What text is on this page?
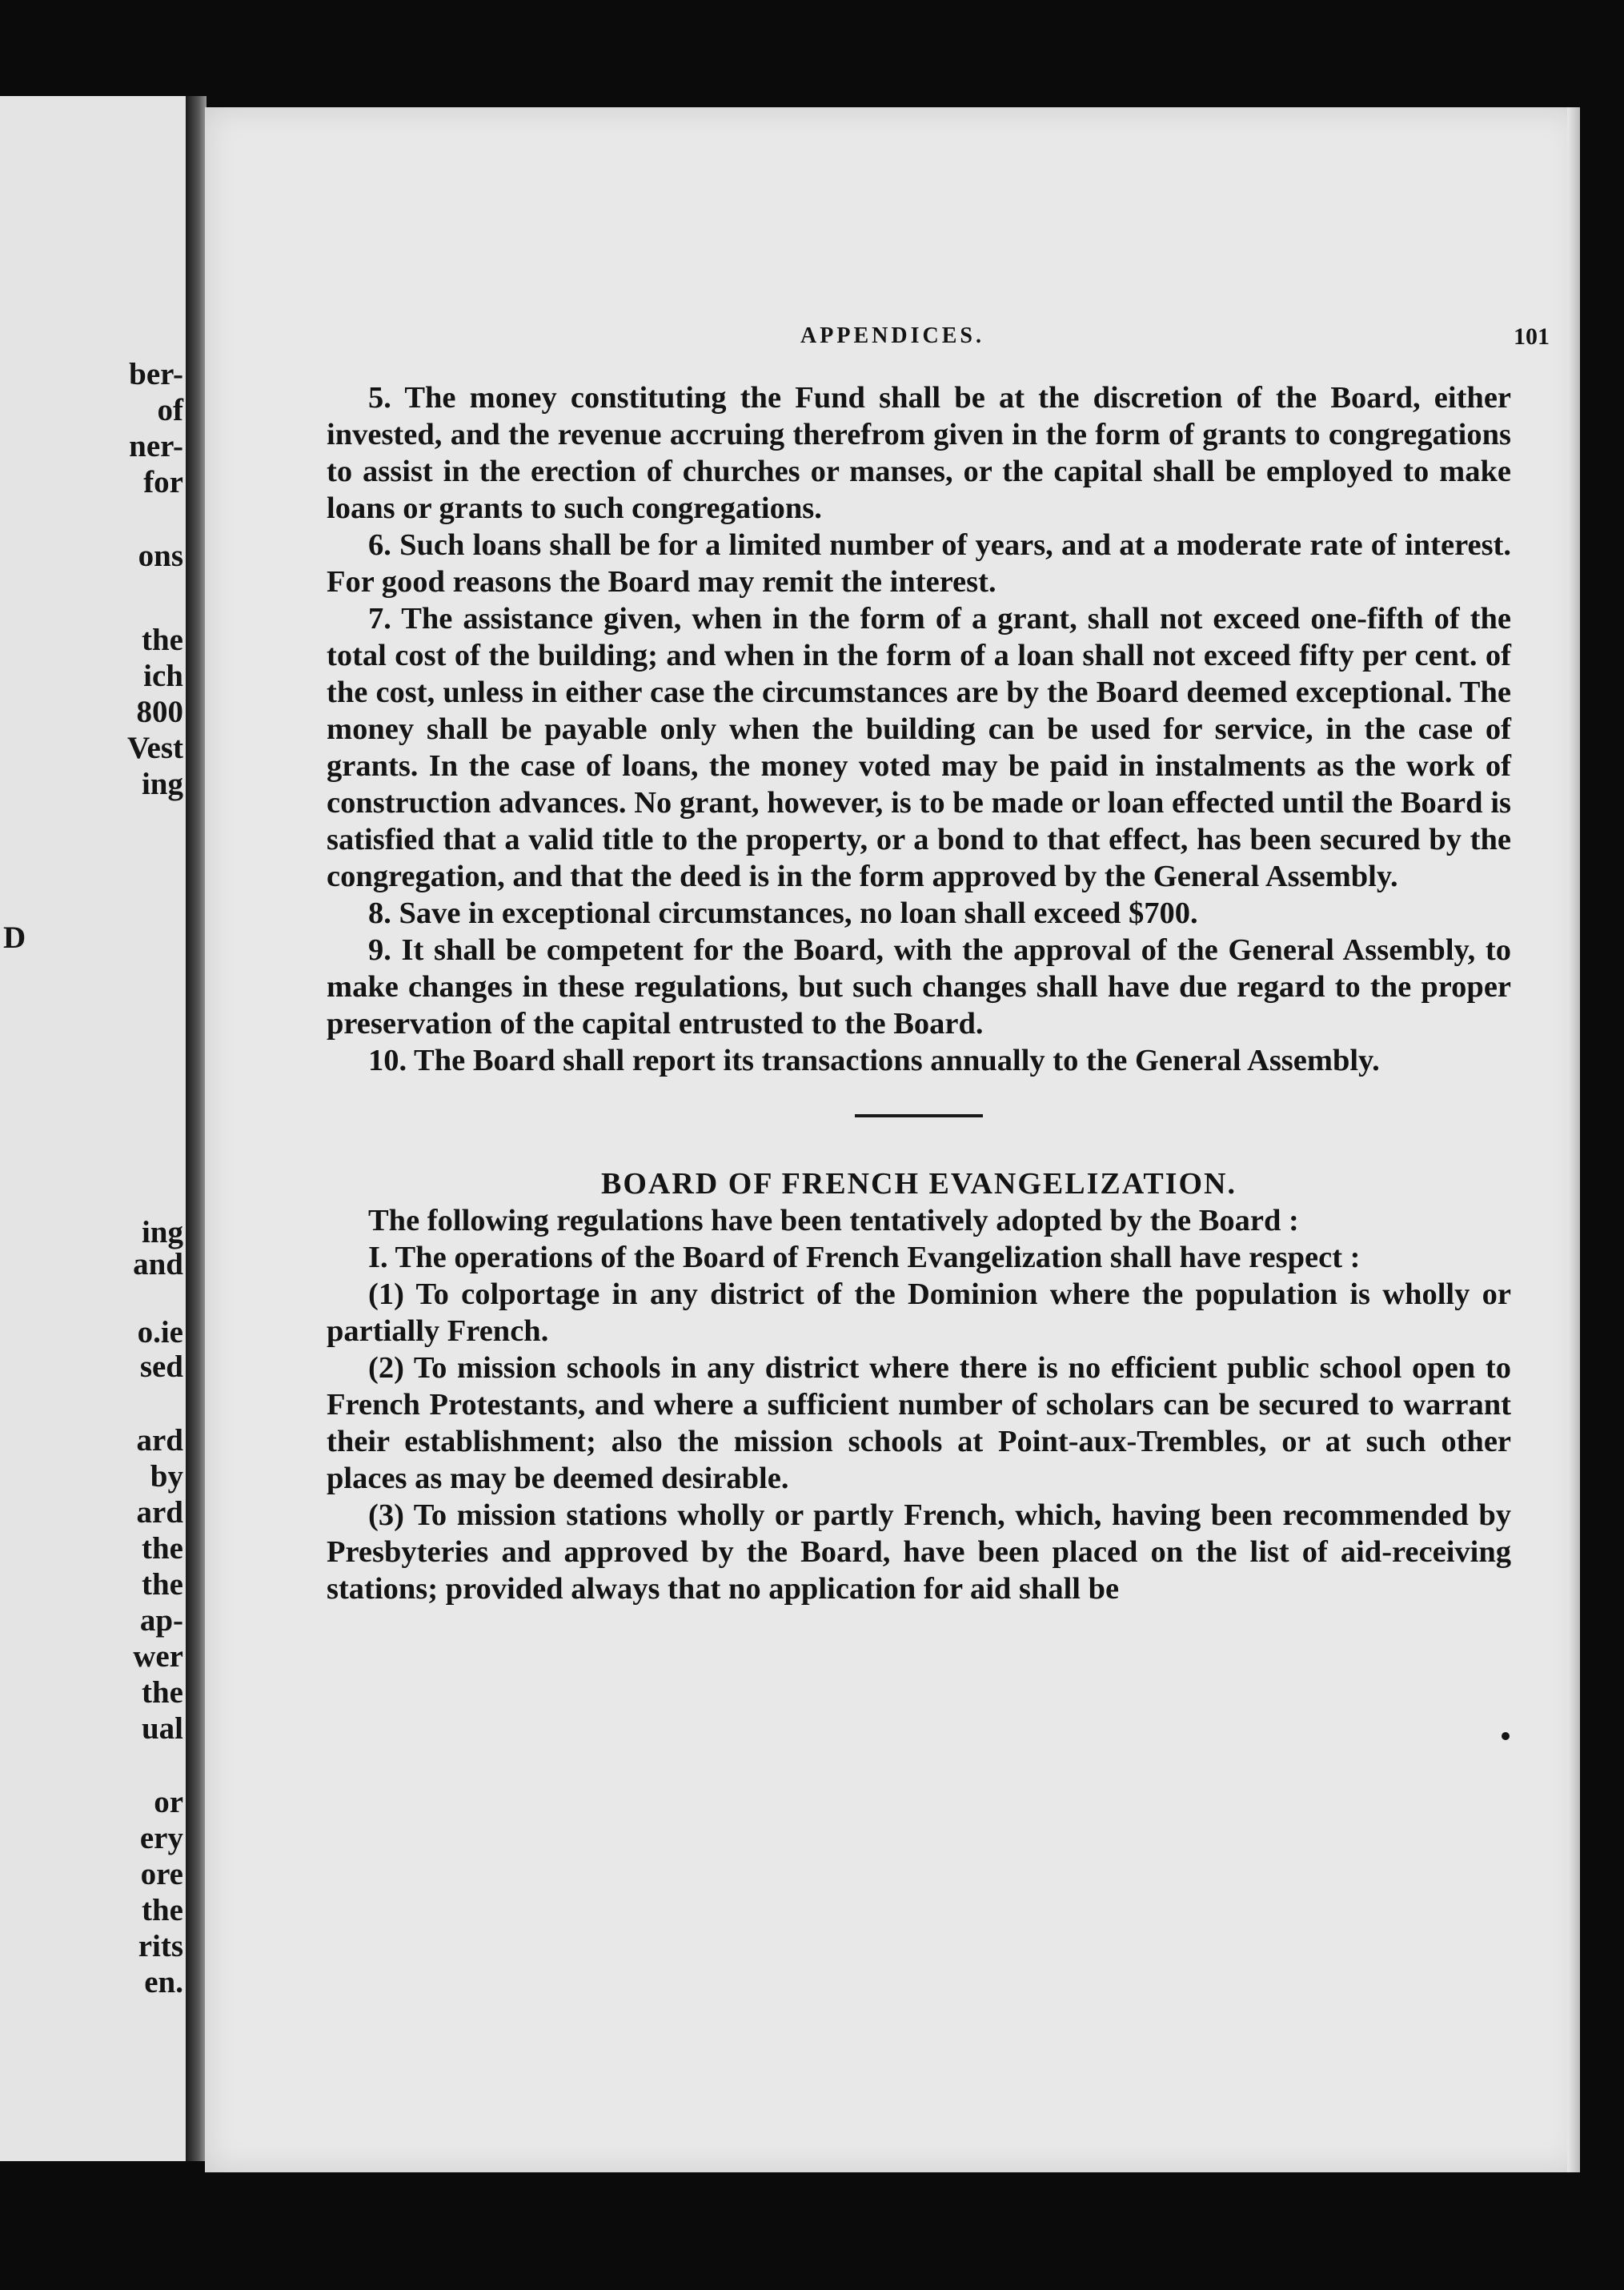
ber-
of
ner-
for
ons
the
ich
800
Vest
ing
D
ing
and
o.ie
sed
ard
by
ard
the
the
ap-
wer
the
ual
or
ery
ore
the
rits
en.
APPENDICES.	101

5. The money constituting the Fund shall be at the discretion of the Board, either invested, and the revenue accruing therefrom given in the form of grants to congregations to assist in the erection of churches or manses, or the capital shall be employed to make loans or grants to such congregations.

6. Such loans shall be for a limited number of years, and at a moderate rate of interest. For good reasons the Board may remit the interest.

7. The assistance given, when in the form of a grant, shall not exceed one-fifth of the total cost of the building; and when in the form of a loan shall not exceed fifty per cent. of the cost, unless in either case the circumstances are by the Board deemed exceptional. The money shall be payable only when the building can be used for service, in the case of grants. In the case of loans, the money voted may be paid in instalments as the work of construction advances. No grant, however, is to be made or loan effected until the Board is satisfied that a valid title to the property, or a bond to that effect, has been secured by the congregation, and that the deed is in the form approved by the General Assembly.

8. Save in exceptional circumstances, no loan shall exceed $700.

9. It shall be competent for the Board, with the approval of the General Assembly, to make changes in these regulations, but such changes shall have due regard to the proper preservation of the capital entrusted to the Board.

10. The Board shall report its transactions annually to the General Assembly.

BOARD OF FRENCH EVANGELIZATION.

The following regulations have been tentatively adopted by the Board :

I. The operations of the Board of French Evangelization shall have respect :

(1) To colportage in any district of the Dominion where the population is wholly or partially French.

(2) To mission schools in any district where there is no efficient public school open to French Protestants, and where a sufficient number of scholars can be secured to warrant their establishment; also the mission schools at Point-aux-Trembles, or at such other places as may be deemed desirable.

(3) To mission stations wholly or partly French, which, having been recommended by Presbyteries and approved by the Board, have been placed on the list of aid-receiving stations; provided always that no application for aid shall be
